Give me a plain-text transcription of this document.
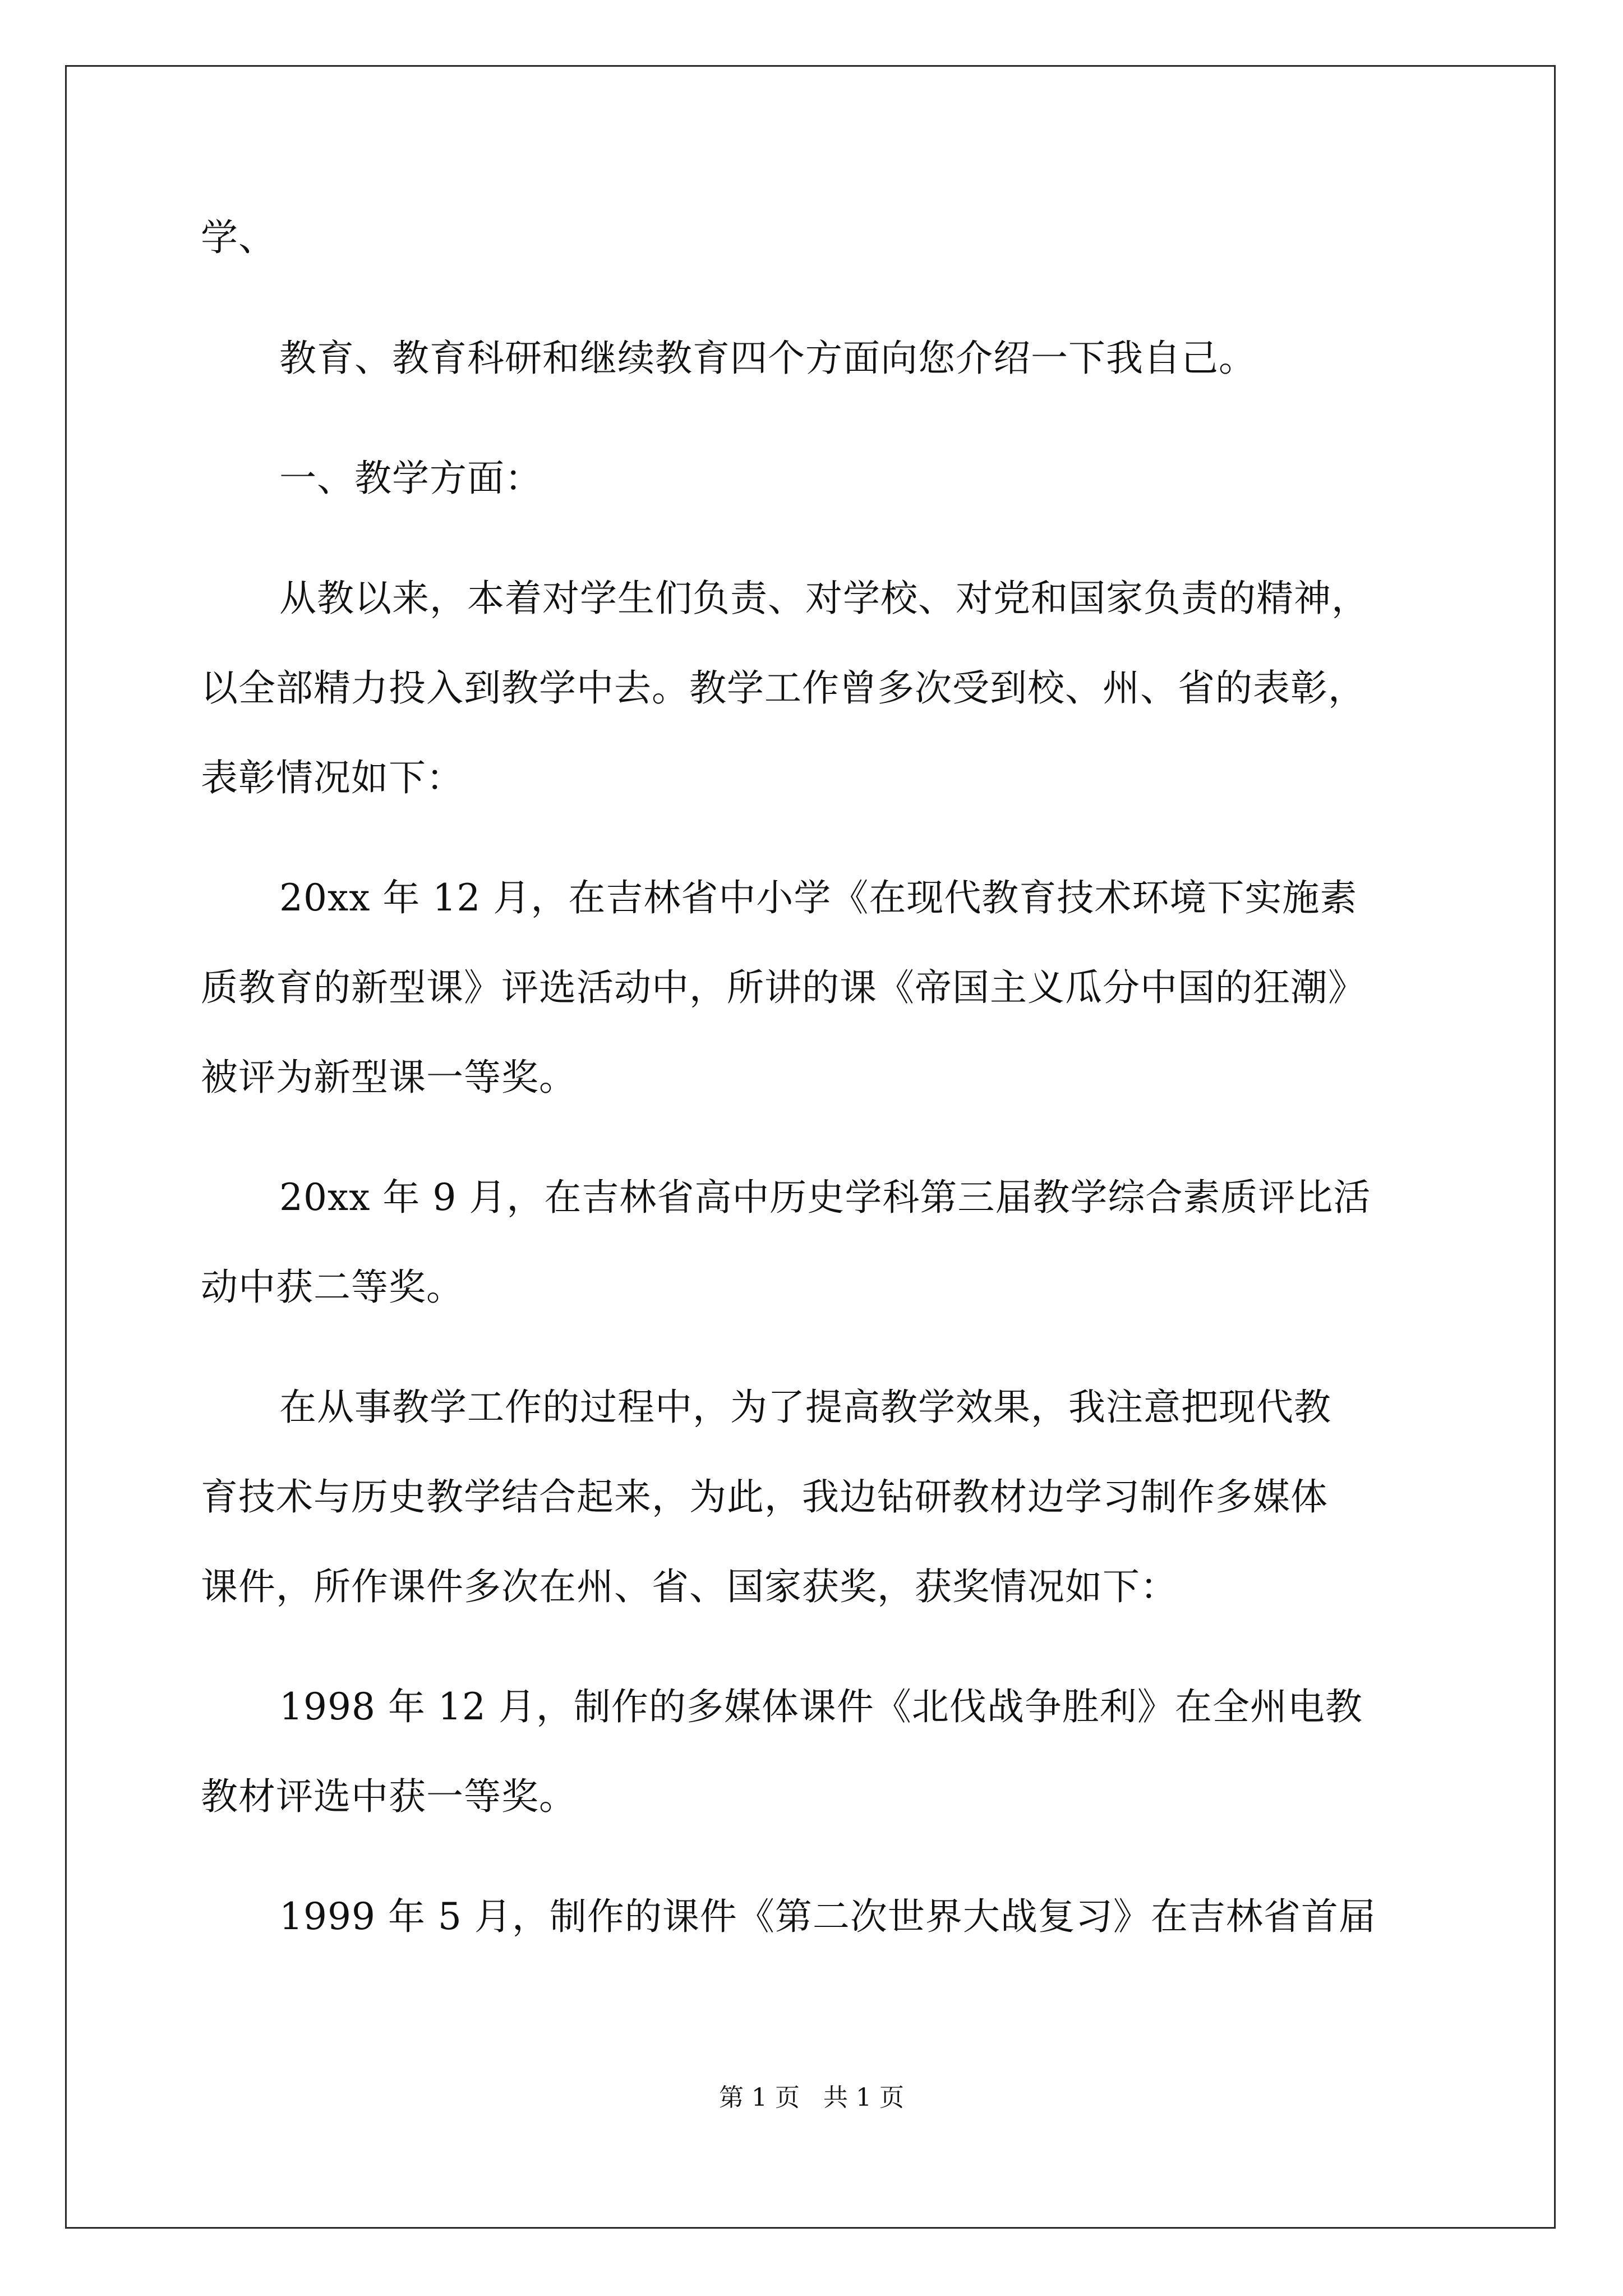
学、
教育、教育科研和继续教育四个方面向您介绍一下我自己。
一、教学方面：
从教以来，本着对学生们负责、对学校、对党和国家负责的精神，
以全部精力投入到教学中去。教学工作曾多次受到校、州、省的表彰，
表彰情况如下：
20xx 年 12 月，在吉林省中小学《在现代教育技术环境下实施素
质教育的新型课》评选活动中，所讲的课《帝国主义瓜分中国的狂潮》
被评为新型课一等奖。
20xx 年 9 月，在吉林省高中历史学科第三届教学综合素质评比活
动中获二等奖。
在从事教学工作的过程中，为了提高教学效果，我注意把现代教
育技术与历史教学结合起来，为此，我边钻研教材边学习制作多媒体
课件，所作课件多次在州、省、国家获奖，获奖情况如下：
1998 年 12 月，制作的多媒体课件《北伐战争胜利》在全州电教
教材评选中获一等奖。
1999 年 5 月，制作的课件《第二次世界大战复习》在吉林省首届
第 1 页 共 1 页
